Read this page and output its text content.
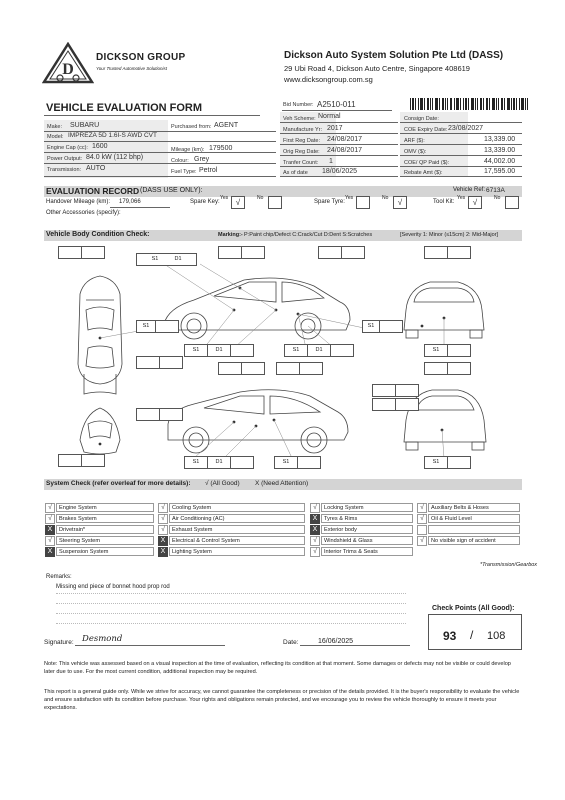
D
DICKSON GROUP
Your Trusted Automotive Solutionist
Dickson Auto System Solution Pte Ltd (DASS)
29 Ubi Road 4, Dickson Auto Centre, Singapore 408619
www.dicksongroup.com.sg
VEHICLE EVALUATION FORM	Bid Number: A2510-011
Make: SUBARU
Model: IMPREZA 5D 1.6I-S AWD CVT
Engine Cap (cc): 1600
Power Output: 84.0 kW (112 bhp)
Transmission: AUTO
Purchased from: AGENT
Mileage (km): 179500
Colour: Grey
Fuel Type: Petrol
Veh Scheme: Normal
Manufacture Yr: 2017
First Reg Date: 24/08/2017
Orig Reg Date: 24/08/2017
Tranfer Count: 1
As of date 18/06/2025
Consign Date:
COE Expiry Date: 23/08/2027
ARF ($):	13,339.00
OMV ($):	13,339.00
COE/ QP Paid ($):	44,002.00
Rebate Amt ($):	17,595.00
EVALUATION RECORD (DASS USE ONLY):	Vehicle Ref: 6713A
Handover Mileage (km): 179,066	Spare Key:
Yes √	No
Spare Tyre:
Yes	No	√	Tool Kit:
Yes √	No
Other Accessories (specify):
Vehicle Body Condition Check:	Marking:- P:Paint chip/Defect C:Crack/Cut D:Dent S:Scratches	[Severity 1: Minor (≤15cm) 2: Mid-Major]
S1	D1
S1	S1
S1	D1	S1	D1	S1
S1	D1	S1	S1
System Check (refer overleaf for more details): √ (All Good) X (Need Attention)
√	Engine System
√	Brakes System
X	Drivetrain*
√	Steering System
X	Suspension System
√	Cooling System
√	Air Conditioning (AC)
√	Exhaust System
X	Electrical & Control System
X	Lighting System
√	Locking System
X	Tyres & Rims
X	Exterior body
√	Windshield & Glass
√	Interior Trims & Seats
√	Auxiliary Belts & Hoses
√	Oil & Fluid Level
√	No visible sign of accident
*Transmission/Gearbox
Remarks:
Missing end piece of bonnet hood prop rod
Check Points (All Good):
93 / 108
Signature: Desmond	Date:	16/06/2025
Note: This vehicle was assessed based on a visual inspection at the time of evaluation, reflecting its condition at that moment. Some damages or defects may not be visible or could develop later due to use. For the most current condition, additional inspection may be required.
This report is a general guide only. While we strive for accuracy, we cannot guarantee the completeness or precision of the details provided. It is the buyer's responsibility to evaluate the vehicle and ensure satisfaction with its condition before purchase. Your rights and obligations remain protected, and we encourage you to review the vehicle thoroughly to ensure it meets your expectations.
